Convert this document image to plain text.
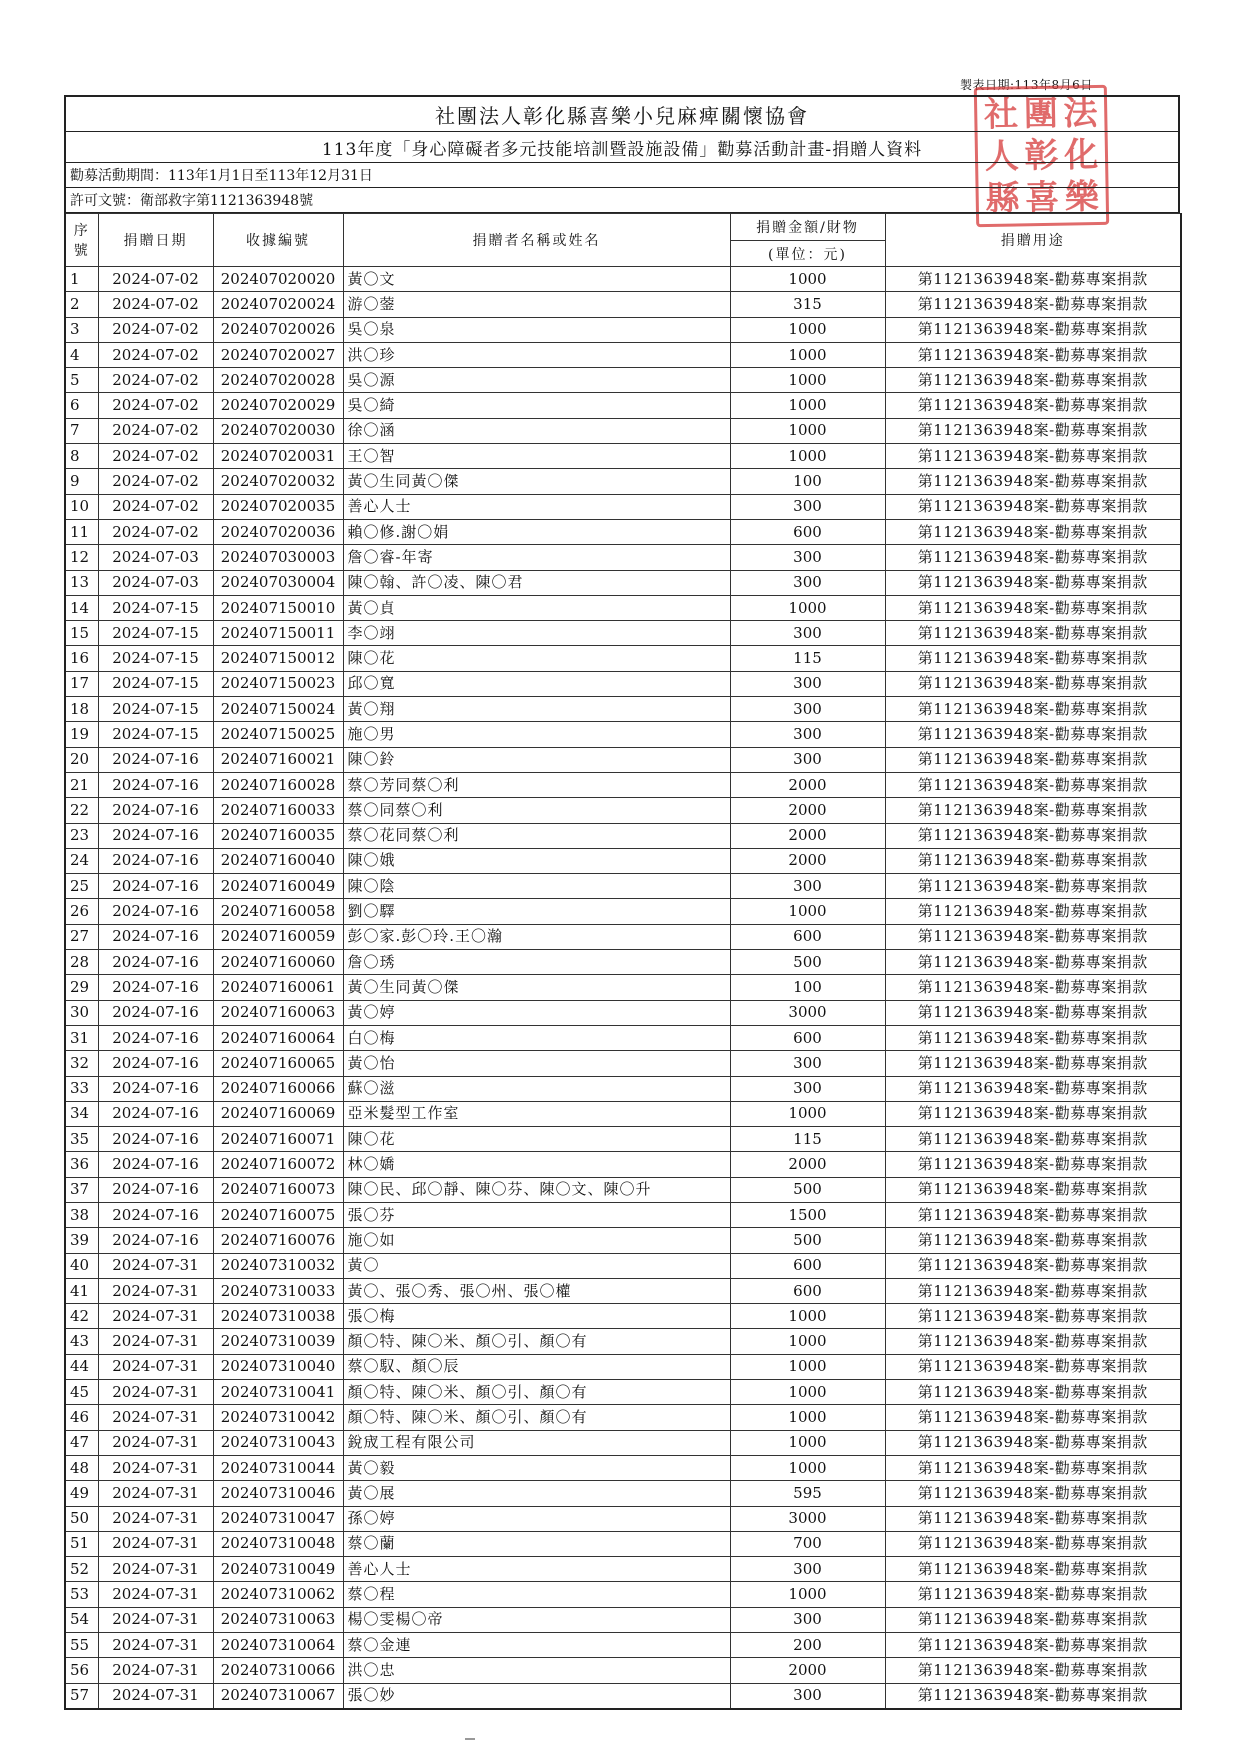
製表日期:113年8月6日
社 團 法
人 彰 化
縣 喜 樂
社團法人彰化縣喜樂小兒麻痺關懷協會
113年度「身心障礙者多元技能培訓暨設施設備」勸募活動計畫-捐贈人資料
勸募活動期間：113年1月1日至113年12月31日
許可文號：衛部救字第1121363948號
序號	捐贈日期	收據編號	捐贈者名稱或姓名	捐贈金額/財物
(單位：元)	捐贈用途
1	2024-07-02	202407020020	黃〇文	1000	第1121363948案-勸募專案捐款
2	2024-07-02	202407020024	游〇蓥	315	第1121363948案-勸募專案捐款
3	2024-07-02	202407020026	吳〇泉	1000	第1121363948案-勸募專案捐款
4	2024-07-02	202407020027	洪〇珍	1000	第1121363948案-勸募專案捐款
5	2024-07-02	202407020028	吳〇源	1000	第1121363948案-勸募專案捐款
6	2024-07-02	202407020029	吳〇綺	1000	第1121363948案-勸募專案捐款
7	2024-07-02	202407020030	徐〇涵	1000	第1121363948案-勸募專案捐款
8	2024-07-02	202407020031	王〇智	1000	第1121363948案-勸募專案捐款
9	2024-07-02	202407020032	黃〇生同黃〇傑	100	第1121363948案-勸募專案捐款
10	2024-07-02	202407020035	善心人士	300	第1121363948案-勸募專案捐款
11	2024-07-02	202407020036	賴〇修.謝〇娟	600	第1121363948案-勸募專案捐款
12	2024-07-03	202407030003	詹〇睿-年寄	300	第1121363948案-勸募專案捐款
13	2024-07-03	202407030004	陳〇翰、許〇凌、陳〇君	300	第1121363948案-勸募專案捐款
14	2024-07-15	202407150010	黃〇貞	1000	第1121363948案-勸募專案捐款
15	2024-07-15	202407150011	李〇翊	300	第1121363948案-勸募專案捐款
16	2024-07-15	202407150012	陳〇花	115	第1121363948案-勸募專案捐款
17	2024-07-15	202407150023	邱〇寬	300	第1121363948案-勸募專案捐款
18	2024-07-15	202407150024	黃〇翔	300	第1121363948案-勸募專案捐款
19	2024-07-15	202407150025	施〇男	300	第1121363948案-勸募專案捐款
20	2024-07-16	202407160021	陳〇鈴	300	第1121363948案-勸募專案捐款
21	2024-07-16	202407160028	蔡〇芳同蔡〇利	2000	第1121363948案-勸募專案捐款
22	2024-07-16	202407160033	蔡〇同蔡〇利	2000	第1121363948案-勸募專案捐款
23	2024-07-16	202407160035	蔡〇花同蔡〇利	2000	第1121363948案-勸募專案捐款
24	2024-07-16	202407160040	陳〇娥	2000	第1121363948案-勸募專案捐款
25	2024-07-16	202407160049	陳〇陰	300	第1121363948案-勸募專案捐款
26	2024-07-16	202407160058	劉〇驛	1000	第1121363948案-勸募專案捐款
27	2024-07-16	202407160059	彭〇家.彭〇玲.王〇瀚	600	第1121363948案-勸募專案捐款
28	2024-07-16	202407160060	詹〇琇	500	第1121363948案-勸募專案捐款
29	2024-07-16	202407160061	黃〇生同黃〇傑	100	第1121363948案-勸募專案捐款
30	2024-07-16	202407160063	黃〇婷	3000	第1121363948案-勸募專案捐款
31	2024-07-16	202407160064	白〇梅	600	第1121363948案-勸募專案捐款
32	2024-07-16	202407160065	黃〇怡	300	第1121363948案-勸募專案捐款
33	2024-07-16	202407160066	蘇〇滋	300	第1121363948案-勸募專案捐款
34	2024-07-16	202407160069	亞米髮型工作室	1000	第1121363948案-勸募專案捐款
35	2024-07-16	202407160071	陳〇花	115	第1121363948案-勸募專案捐款
36	2024-07-16	202407160072	林〇嬌	2000	第1121363948案-勸募專案捐款
37	2024-07-16	202407160073	陳〇民、邱〇靜、陳〇芬、陳〇文、陳〇升	500	第1121363948案-勸募專案捐款
38	2024-07-16	202407160075	張〇芬	1500	第1121363948案-勸募專案捐款
39	2024-07-16	202407160076	施〇如	500	第1121363948案-勸募專案捐款
40	2024-07-31	202407310032	黃〇	600	第1121363948案-勸募專案捐款
41	2024-07-31	202407310033	黃〇、張〇秀、張〇州、張〇權	600	第1121363948案-勸募專案捐款
42	2024-07-31	202407310038	張〇梅	1000	第1121363948案-勸募專案捐款
43	2024-07-31	202407310039	顏〇特、陳〇米、顏〇引、顏〇有	1000	第1121363948案-勸募專案捐款
44	2024-07-31	202407310040	蔡〇馭、顏〇辰	1000	第1121363948案-勸募專案捐款
45	2024-07-31	202407310041	顏〇特、陳〇米、顏〇引、顏〇有	1000	第1121363948案-勸募專案捐款
46	2024-07-31	202407310042	顏〇特、陳〇米、顏〇引、顏〇有	1000	第1121363948案-勸募專案捐款
47	2024-07-31	202407310043	銳宬工程有限公司	1000	第1121363948案-勸募專案捐款
48	2024-07-31	202407310044	黃〇毅	1000	第1121363948案-勸募專案捐款
49	2024-07-31	202407310046	黃〇展	595	第1121363948案-勸募專案捐款
50	2024-07-31	202407310047	孫〇婷	3000	第1121363948案-勸募專案捐款
51	2024-07-31	202407310048	蔡〇蘭	700	第1121363948案-勸募專案捐款
52	2024-07-31	202407310049	善心人士	300	第1121363948案-勸募專案捐款
53	2024-07-31	202407310062	蔡〇程	1000	第1121363948案-勸募專案捐款
54	2024-07-31	202407310063	楊〇雯楊〇帝	300	第1121363948案-勸募專案捐款
55	2024-07-31	202407310064	蔡〇金連	200	第1121363948案-勸募專案捐款
56	2024-07-31	202407310066	洪〇忠	2000	第1121363948案-勸募專案捐款
57	2024-07-31	202407310067	張〇妙	300	第1121363948案-勸募專案捐款
